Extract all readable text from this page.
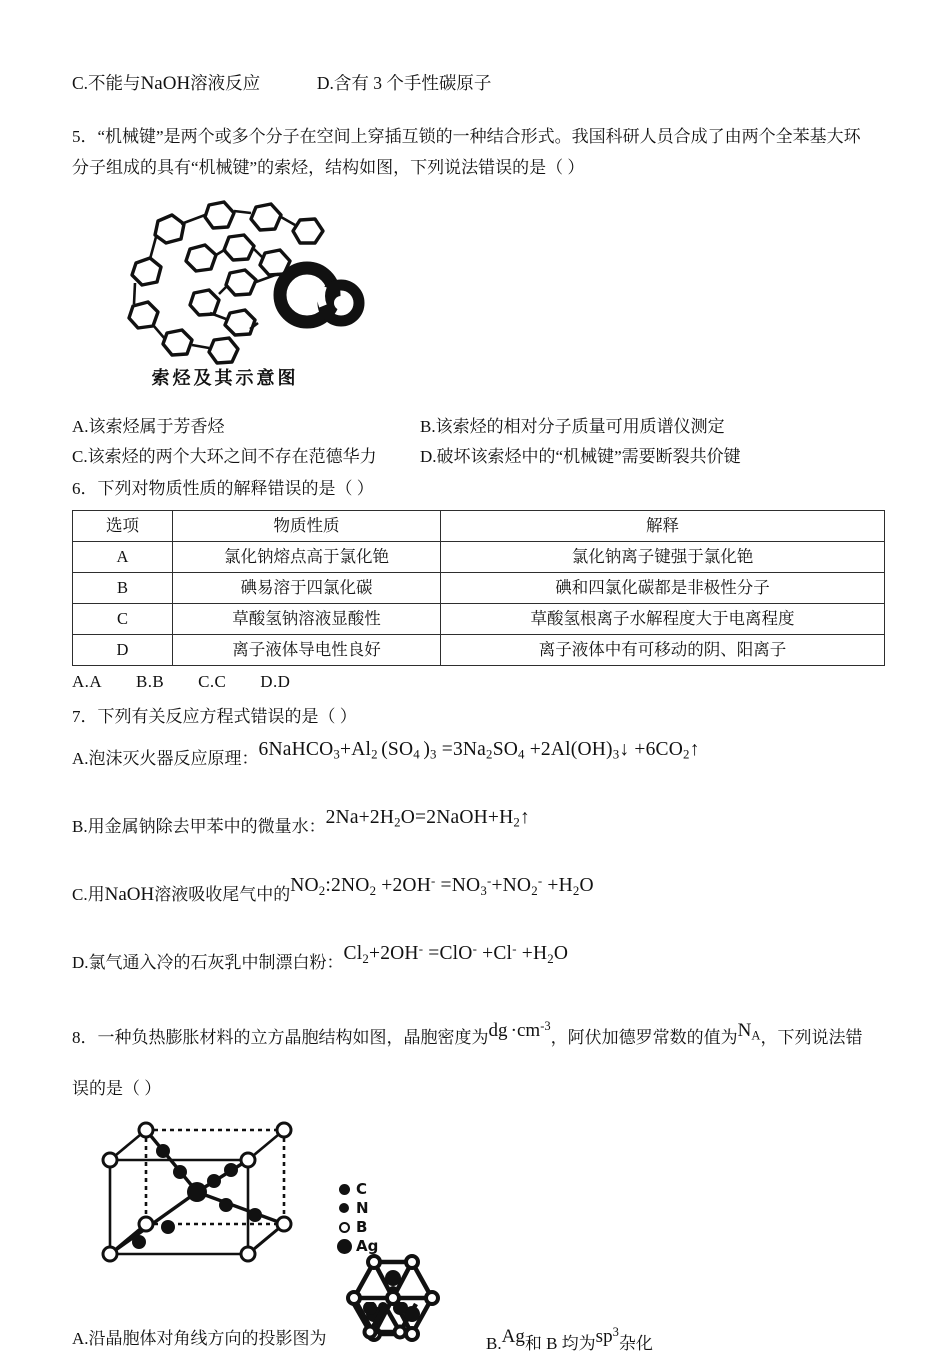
C.不能与NaOH溶液反应	D.含有 3 个手性碳原子
5．“机械键”是两个或多个分子在空间上穿插互锁的一种结合形式。我国科研人员合成了由两个全苯基大环
分子组成的具有“机械键”的索烃，结构如图，下列说法错误的是（ ）
索烃及其示意图
A.该索烃属于芳香烃	B.该索烃的相对分子质量可用质谱仪测定
C.该索烃的两个大环之间不存在范德华力	D.破坏该索烃中的“机械键”需要断裂共价键
6．下列对物质性质的解释错误的是（ ）
选项	物质性质	解释
A	氯化钠熔点高于氯化铯	氯化钠离子键强于氯化铯
B	碘易溶于四氯化碳	碘和四氯化碳都是非极性分子
C	草酸氢钠溶液显酸性	草酸氢根离子水解程度大于电离程度
D	离子液体导电性良好	离子液体中有可移动的阴、阳离子
A.A B.B C.C D.D
7．下列有关反应方程式错误的是（ ）
A.泡沫灭火器反应原理：$6NaHCO_3+Al_2$ ($SO_4$ )$_3 =3Na_2SO_4$ $+2Al(OH)_3↓$ $+6CO_2↑$
B.用金属钠除去甲苯中的微量水：$2Na+2H_2O=2NaOH+H_2↑$
C.用NaOH溶液吸收尾气中的$NO_2:2NO_2 +2OH^- =NO_3^-+NO_2^- +H_2O$
D.氯气通入冷的石灰乳中制漂白粉：$Cl_2+2OH^- =ClO^- +Cl^- +H_2O$
8．一种负热膨胀材料的立方晶胞结构如图，晶胞密度为dg $\cdot cm^{-3}$，阿伏加德罗常数的值为$N_A$，下列说法错
误的是（ ）
C
N
B
Ag
A.沿晶胞体对角线方向的投影图为	B.Ag和 B 均为$sp^3$杂化
